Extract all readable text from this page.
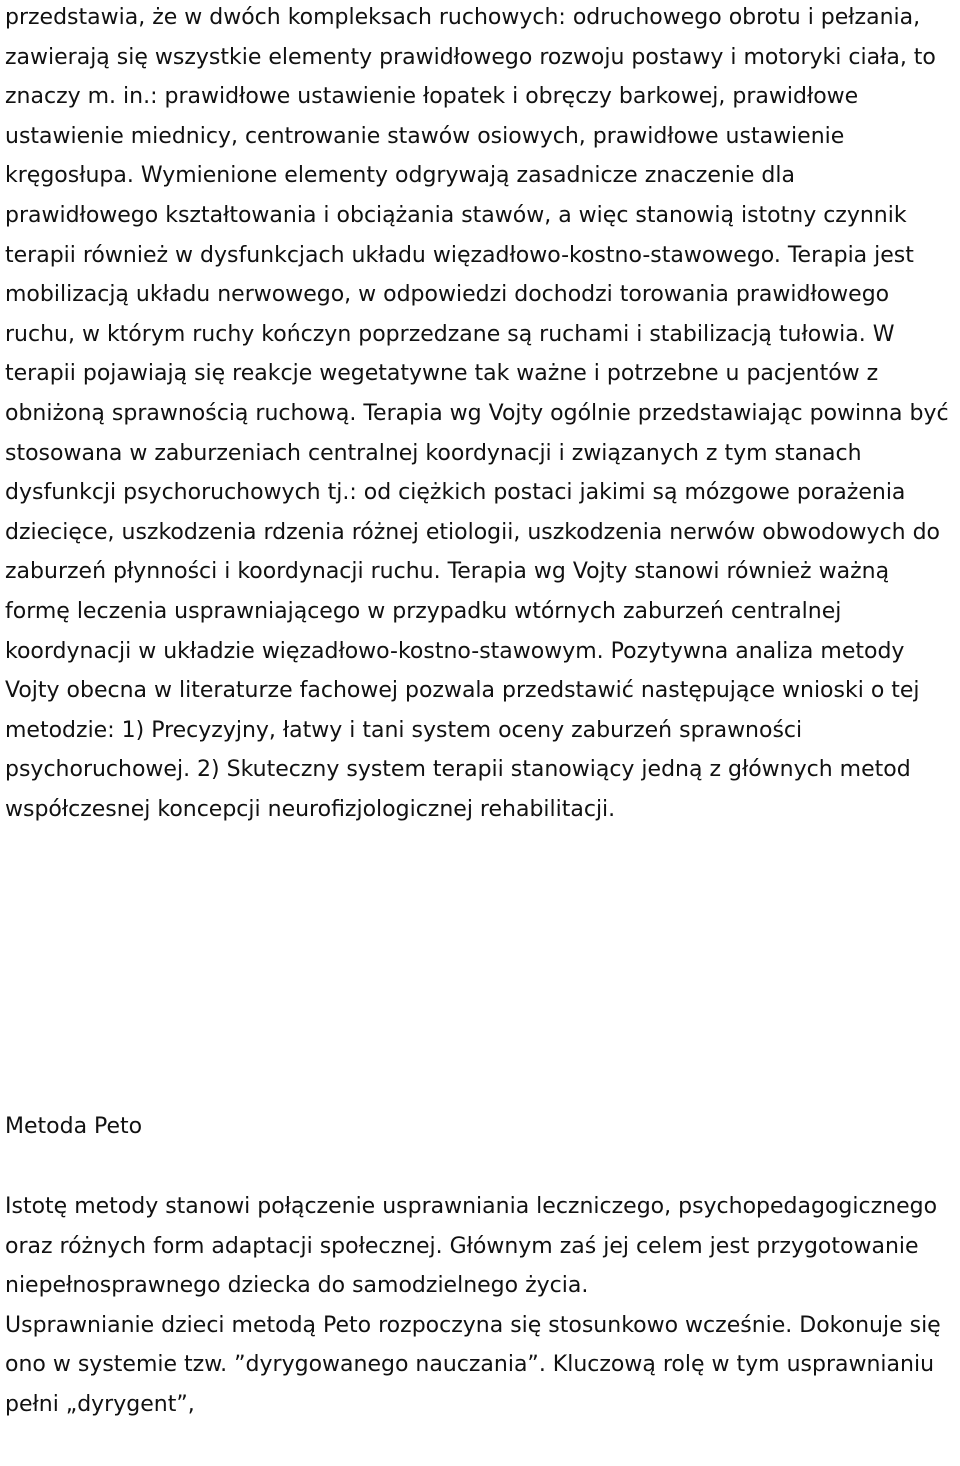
przedstawia, że w dwóch kompleksach ruchowych: odruchowego obrotu i pełzania, zawierają się wszystkie elementy prawidłowego rozwoju postawy i motoryki ciała, to znaczy m. in.: prawidłowe ustawienie łopatek i obręczy barkowej, prawidłowe ustawienie miednicy, centrowanie stawów osiowych, prawidłowe ustawienie kręgosłupa. Wymienione elementy odgrywają zasadnicze znaczenie dla prawidłowego kształtowania i obciążania stawów, a więc stanowią istotny czynnik terapii również w dysfunkcjach układu więzadłowo-kostno-stawowego. Terapia jest mobilizacją układu nerwowego, w odpowiedzi dochodzi torowania prawidłowego ruchu, w którym ruchy kończyn poprzedzane są ruchami i stabilizacją tułowia. W terapii pojawiają się reakcje wegetatywne tak ważne i potrzebne u pacjentów z obniżoną sprawnością ruchową. Terapia wg Vojty ogólnie przedstawiając powinna być stosowana w zaburzeniach centralnej koordynacji i związanych z tym stanach dysfunkcji psychoruchowych tj.: od ciężkich postaci jakimi są mózgowe porażenia dziecięce, uszkodzenia rdzenia różnej etiologii, uszkodzenia nerwów obwodowych do zaburzeń płynności i koordynacji ruchu. Terapia wg Vojty stanowi również ważną formę leczenia usprawniającego w przypadku wtórnych zaburzeń centralnej koordynacji w układzie więzadłowo-kostno-stawowym. Pozytywna analiza metody Vojty obecna w literaturze fachowej pozwala przedstawić następujące wnioski o tej metodzie: 1) Precyzyjny, łatwy i tani system oceny zaburzeń sprawności psychoruchowej. 2) Skuteczny system terapii stanowiący jedną z głównych metod współczesnej koncepcji neurofizjologicznej rehabilitacji.

Metoda Peto

Istotę metody stanowi połączenie usprawniania leczniczego, psychopedagogicznego oraz różnych form adaptacji społecznej. Głównym zaś jej celem jest przygotowanie niepełnosprawnego dziecka do samodzielnego życia.

Usprawnianie dzieci metodą Peto rozpoczyna się stosunkowo wcześnie. Dokonuje się ono w systemie tzw. ˮdyrygowanego nauczaniaˮ. Kluczową rolę w tym usprawnianiu pełni „dyrygent”,
